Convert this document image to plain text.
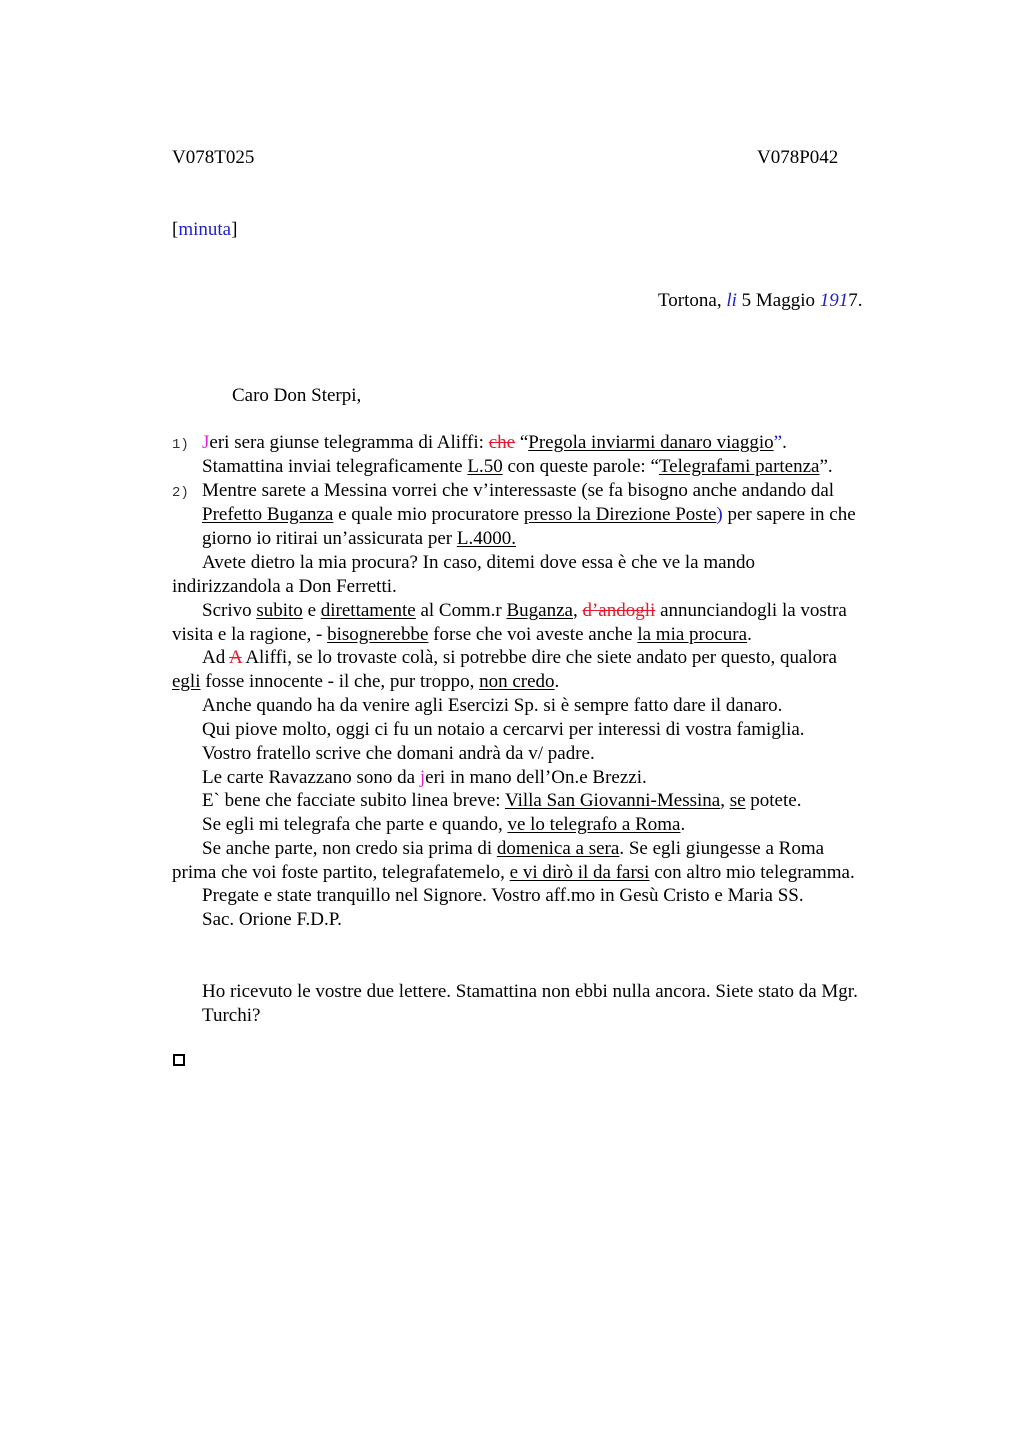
V078T025	V078P042
[minuta]
Tortona, li 5 Maggio 1917.
Caro Don Sterpi,
1) Jeri sera giunse telegramma di Aliffi: che “Pregola inviarmi danaro viaggio”.
Stamattina inviai telegraficamente L.50 con queste parole: “Telegrafami partenza”.
2) Mentre sarete a Messina vorrei che v’interessaste (se fa bisogno anche andando dal
Prefetto Buganza e quale mio procuratore presso la Direzione Poste) per sapere in che
giorno io ritirai un’assicurata per L.4000.
Avete dietro la mia procura? In caso, ditemi dove essa è che ve la mando
indirizzandola a Don Ferretti.
Scrivo subito e direttamente al Comm.r Buganza, d’andogli annunciandogli la vostra
visita e la ragione, - bisognerebbe forse che voi aveste anche la mia procura.
Ad A Aliffi, se lo trovaste colà, si potrebbe dire che siete andato per questo, qualora
egli fosse innocente - il che, pur troppo, non credo.
Anche quando ha da venire agli Esercizi Sp. si è sempre fatto dare il danaro.
Qui piove molto, oggi ci fu un notaio a cercarvi per interessi di vostra famiglia.
Vostro fratello scrive che domani andrà da v/ padre.
Le carte Ravazzano sono da jeri in mano dell’On.e Brezzi.
E` bene che facciate subito linea breve: Villa San Giovanni-Messina, se potete.
Se egli mi telegrafa che parte e quando, ve lo telegrafo a Roma.
Se anche parte, non credo sia prima di domenica a sera. Se egli giungesse a Roma
prima che voi foste partito, telegrafatemelo, e vi dirò il da farsi con altro mio telegramma.
Pregate e state tranquillo nel Signore. Vostro aff.mo in Gesù Cristo e Maria SS.
Sac. Orione F.D.P.
Ho ricevuto le vostre due lettere. Stamattina non ebbi nulla ancora. Siete stato da Mgr.
Turchi?
